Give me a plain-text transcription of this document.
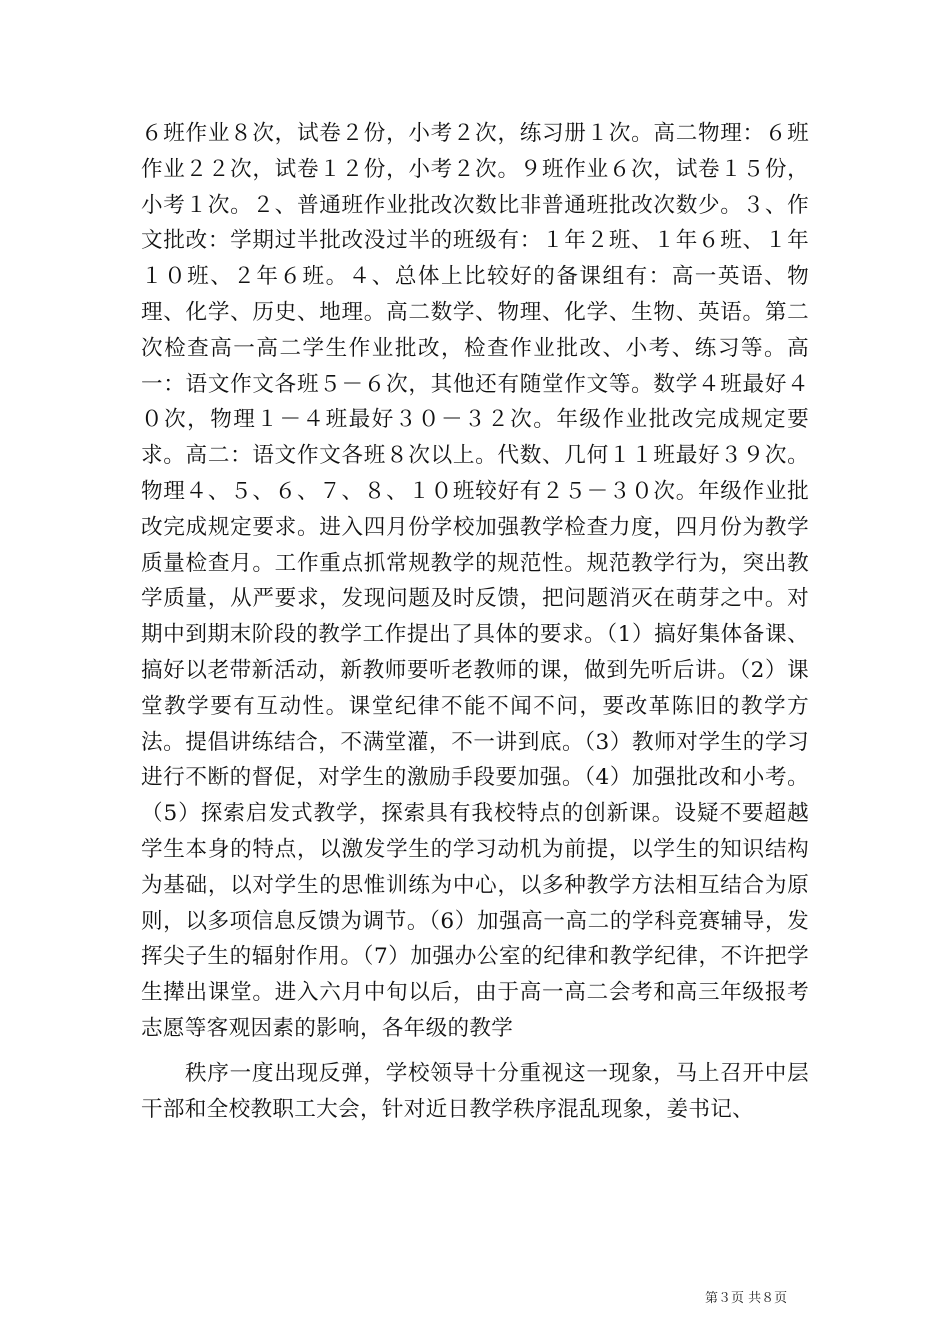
６班作业８次，试卷２份，小考２次，练习册１次。高二物理：６班作业２２次，试卷１２份，小考２次。９班作业６次，试卷１５份，小考１次。２、普通班作业批改次数比非普通班批改次数少。３、作文批改：学期过半批改没过半的班级有：１年２班、１年６班、１年１０班、２年６班。４、总体上比较好的备课组有：高一英语、物理、化学、历史、地理。高二数学、物理、化学、生物、英语。第二次检查高一高二学生作业批改，检查作业批改、小考、练习等。高一：语文作文各班５－６次，其他还有随堂作文等。数学４班最好４０次，物理１－４班最好３０－３２次。年级作业批改完成规定要求。高二：语文作文各班８次以上。代数、几何１１班最好３９次。物理４、５、６、７、８、１０班较好有２５－３０次。年级作业批改完成规定要求。进入四月份学校加强教学检查力度，四月份为教学质量检查月。工作重点抓常规教学的规范性。规范教学行为，突出教学质量，从严要求，发现问题及时反馈，把问题消灭在萌芽之中。对期中到期末阶段的教学工作提出了具体的要求。（1）搞好集体备课、搞好以老带新活动，新教师要听老教师的课，做到先听后讲。（2）课堂教学要有互动性。课堂纪律不能不闻不问，要改革陈旧的教学方法。提倡讲练结合，不满堂灌，不一讲到底。（3）教师对学生的学习进行不断的督促，对学生的激励手段要加强。（4）加强批改和小考。（5）探索启发式教学，探索具有我校特点的创新课。设疑不要超越学生本身的特点，以激发学生的学习动机为前提，以学生的知识结构为基础，以对学生的思惟训练为中心，以多种教学方法相互结合为原则，以多项信息反馈为调节。（6）加强高一高二的学科竞赛辅导，发挥尖子生的辐射作用。（7）加强办公室的纪律和教学纪律，不许把学生撵出课堂。进入六月中旬以后，由于高一高二会考和高三年级报考志愿等客观因素的影响，各年级的教学

秩序一度出现反弹，学校领导十分重视这一现象，马上召开中层干部和全校教职工大会，针对近日教学秩序混乱现象，姜书记、

第３页 共８页
